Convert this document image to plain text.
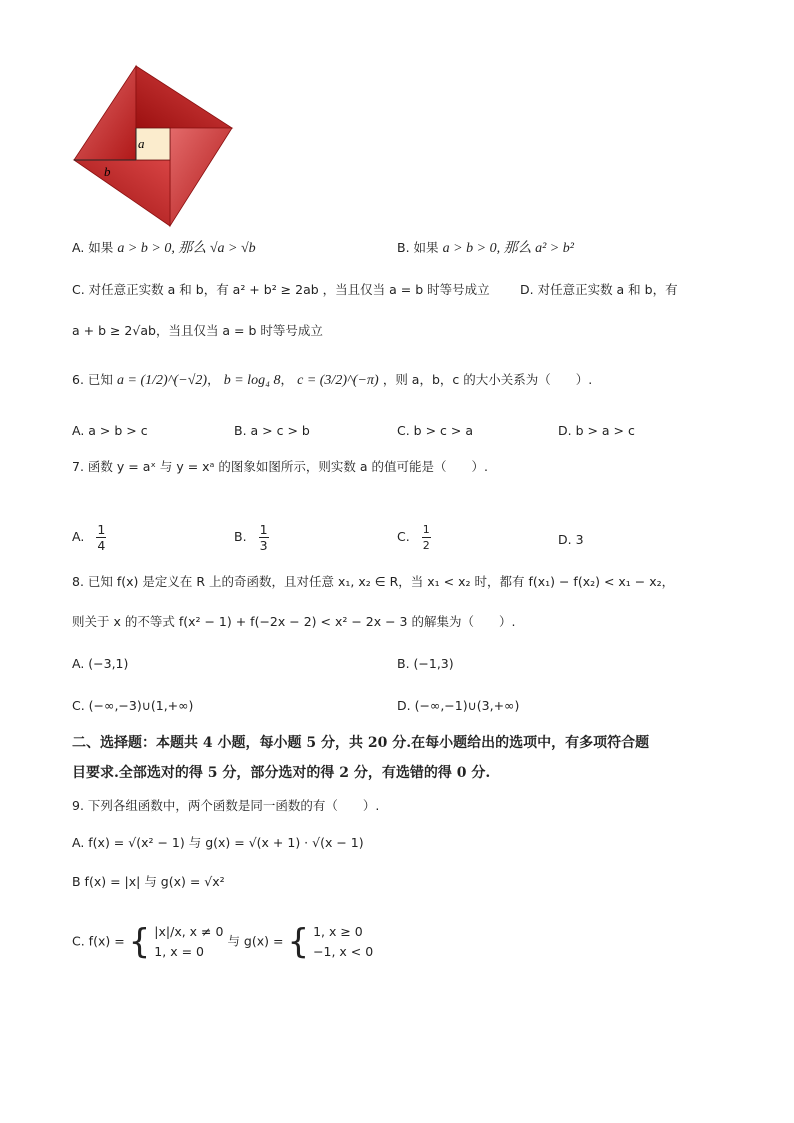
a
b
A. 如果 a > b > 0, 那么 √a > √b	B. 如果 a > b > 0, 那么 a² > b²
C. 对任意正实数 a 和 b，有 a² + b² ≥ 2ab ，当且仅当 a = b 时等号成立 D. 对任意正实数 a 和 b，有
a + b ≥ 2√ab，当且仅当 a = b 时等号成立
6. 已知 a = (1/2)^(−√2)， b = log₄ 8， c = (3/2)^(−π) ，则 a，b，c 的大小关系为（　　）.
A. a > b > c	B. a > c > b	C. b > c > a	D. b > a > c
7. 函数 y = aˣ 与 y = xᵃ 的图象如图所示，则实数 a 的值可能是（　　）.
A. $\frac{1}{4}$	B. $\frac{1}{3}$	C. $\frac{1}{2}$	D. 3
8. 已知 f(x) 是定义在 R 上的奇函数，且对任意 x₁, x₂ ∈ R，当 x₁ < x₂ 时，都有 f(x₁) − f(x₂) < x₁ − x₂，
则关于 x 的不等式 f(x² − 1) + f(−2x − 2) < x² − 2x − 3 的解集为（　　）.
A. (−3,1)	B. (−1,3)
C. (−∞,−3)∪(1,+∞)	D. (−∞,−1)∪(3,+∞)
二、选择题：本题共 4 小题，每小题 5 分，共 20 分.在每小题给出的选项中，有多项符合题
目要求.全部选对的得 5 分，部分选对的得 2 分，有选错的得 0 分.
9. 下列各组函数中，两个函数是同一函数的有（　　）.
A. f(x) = √(x² − 1) 与 g(x) = √(x + 1) · √(x − 1)
B f(x) = |x| 与 g(x) = √x²
C. f(x) = { |x|/x, x ≠ 0
1, x = 0
与 g(x) = { 1, x ≥ 0
−1, x < 0
